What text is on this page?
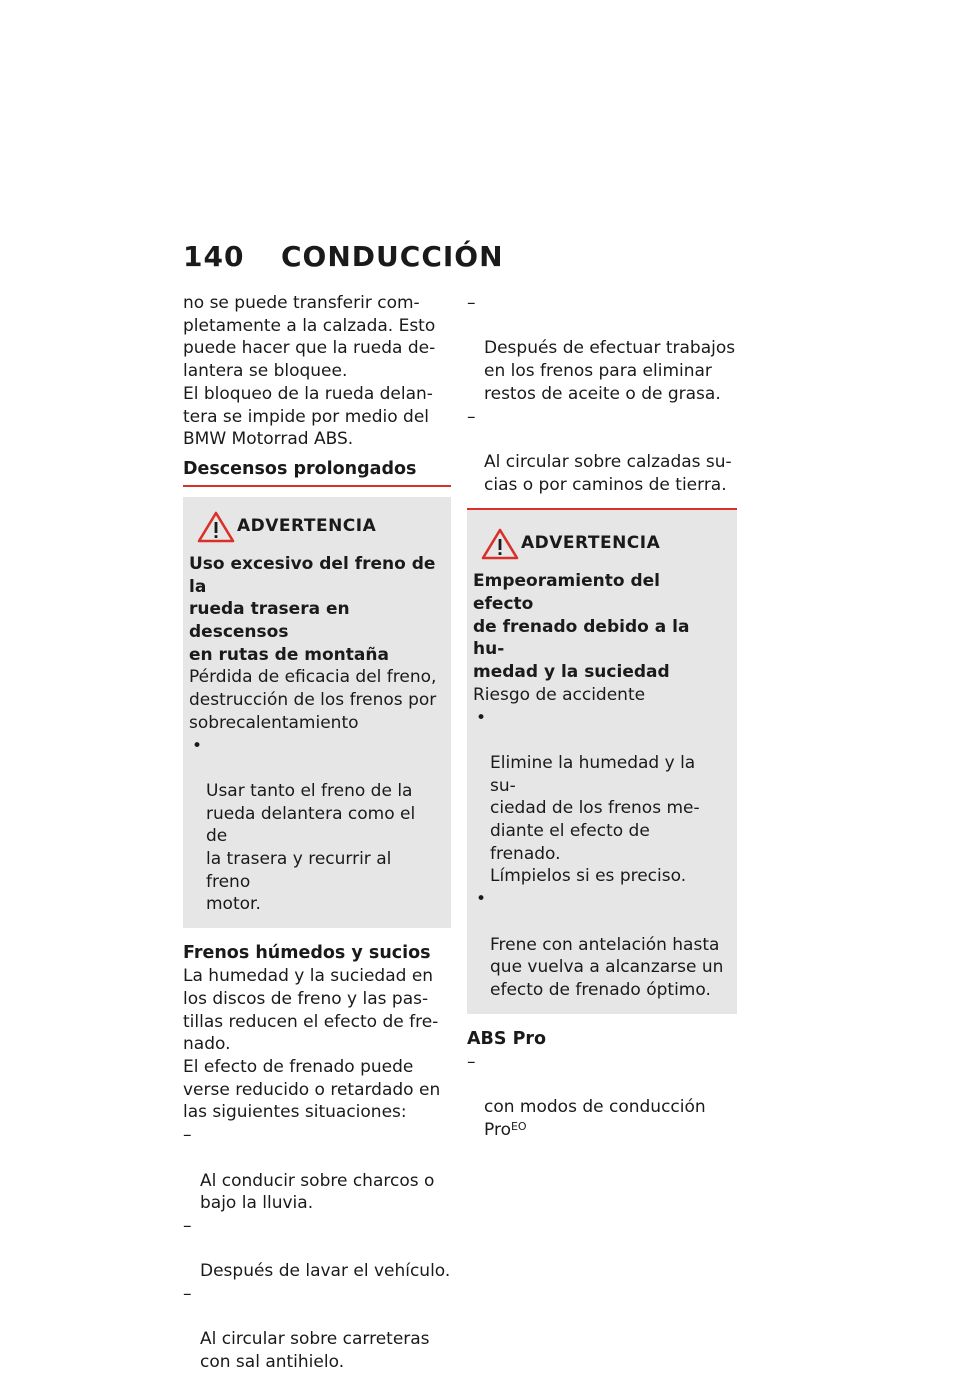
140 CONDUCCIÓN
no se puede transferir com-
pletamente a la calzada. Esto
puede hacer que la rueda de-
lantera se bloquee.
El bloqueo de la rueda delan-
tera se impide por medio del
BMW Motorrad ABS.
Descensos prolongados
ADVERTENCIA
Uso excesivo del freno de la
rueda trasera en descensos
en rutas de montaña
Pérdida de eficacia del freno,
destrucción de los frenos por
sobrecalentamiento

•

Usar tanto el freno de la
rueda delantera como el de
la trasera y recurrir al freno
motor.

Frenos húmedos y sucios
La humedad y la suciedad en
los discos de freno y las pas-
tillas reducen el efecto de fre-
nado.
El efecto de frenado puede
verse reducido o retardado en
las siguientes situaciones:

–

Al conducir sobre charcos o
bajo la lluvia.

–

Después de lavar el vehículo.

–

Al circular sobre carreteras
con sal antihielo.

–

Después de efectuar trabajos
en los frenos para eliminar
restos de aceite o de grasa.

–

Al circular sobre calzadas su-
cias o por caminos de tierra.

ADVERTENCIA
Empeoramiento del efecto
de frenado debido a la hu-
medad y la suciedad
Riesgo de accidente

•

Elimine la humedad y la su-
ciedad de los frenos me-
diante el efecto de frenado.
Límpielos si es preciso.

•

Frene con antelación hasta
que vuelva a alcanzarse un
efecto de frenado óptimo.

ABS Pro

–

con modos de conducción
Pro$^{EO}$
